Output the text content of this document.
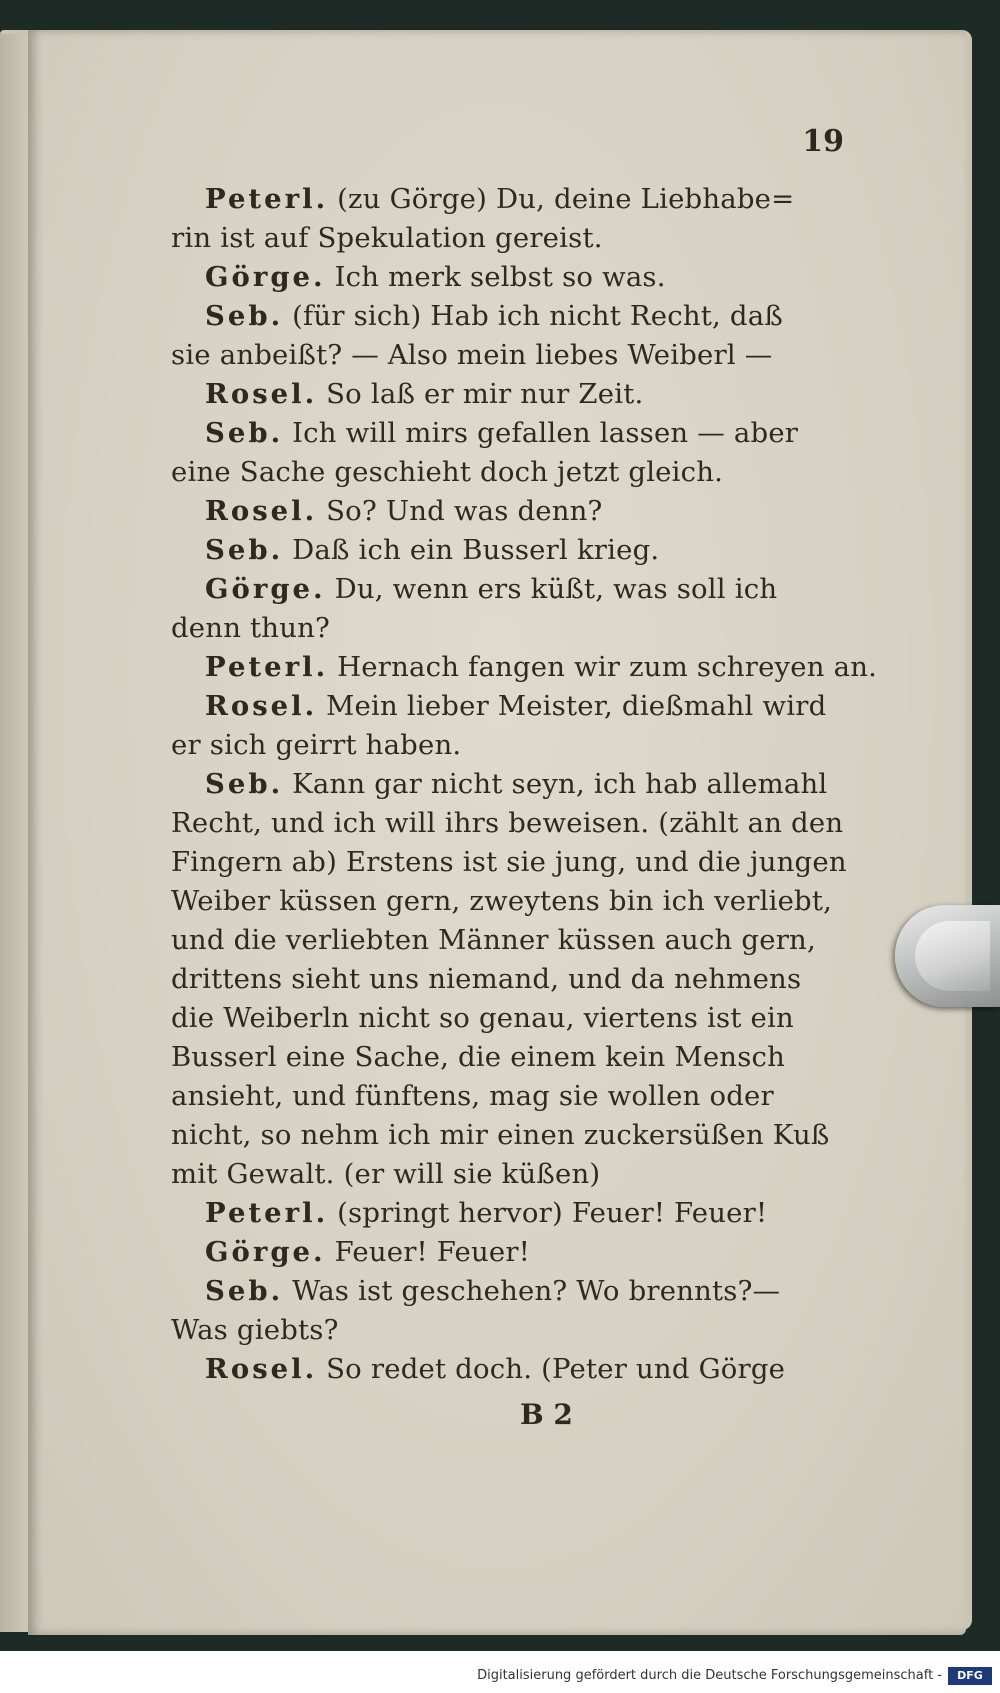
19
Peterl. (zu Görge) Du, deine Liebhabe=
rin ist auf Spekulation gereist.
Görge. Ich merk selbst so was.
Seb. (für sich) Hab ich nicht Recht, daß
sie anbeißt? — Also mein liebes Weiberl —
Rosel. So laß er mir nur Zeit.
Seb. Ich will mirs gefallen lassen — aber
eine Sache geschieht doch jetzt gleich.
Rosel. So? Und was denn?
Seb. Daß ich ein Busserl krieg.
Görge. Du, wenn ers küßt, was soll ich
denn thun?
Peterl. Hernach fangen wir zum schreyen an.
Rosel. Mein lieber Meister, dießmahl wird
er sich geirrt haben.
Seb. Kann gar nicht seyn, ich hab allemahl
Recht, und ich will ihrs beweisen. (zählt an den
Fingern ab) Erstens ist sie jung, und die jungen
Weiber küssen gern, zweytens bin ich verliebt,
und die verliebten Männer küssen auch gern,
drittens sieht uns niemand, und da nehmens
die Weiberln nicht so genau, viertens ist ein
Busserl eine Sache, die einem kein Mensch
ansieht, und fünftens, mag sie wollen oder
nicht, so nehm ich mir einen zuckersüßen Kuß
mit Gewalt. (er will sie küßen)
Peterl. (springt hervor) Feuer! Feuer!
Görge. Feuer! Feuer!
Seb. Was ist geschehen? Wo brennts?—
Was giebts?
Rosel. So redet doch. (Peter und Görge
B 2
Digitalisierung gefördert durch die Deutsche Forschungsgemeinschaft -	DFG
